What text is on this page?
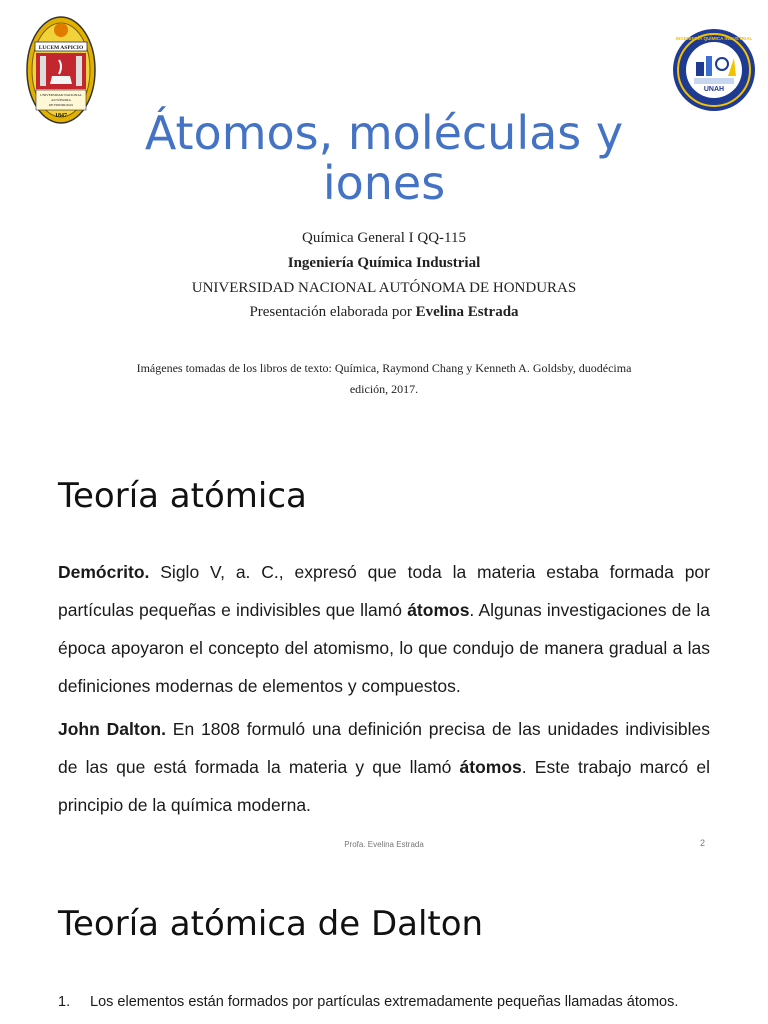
LUCEM ASPICIO
UNIVERSIDAD NACIONAL
AUTÓNOMA
DE HONDURAS
1847
UNAH
INGENIERÍA QUÍMICA INDUSTRIAL
Átomos, moléculas y
iones
Química General I QQ-115
Ingeniería Química Industrial
UNIVERSIDAD NACIONAL AUTÓNOMA DE HONDURAS
Presentación elaborada por Evelina Estrada
Imágenes tomadas de los libros de texto: Química, Raymond Chang y Kenneth A. Goldsby, duodécima
edición, 2017.
Teoría atómica

Demócrito. Siglo V, a. C., expresó que toda la materia estaba formada por partículas pequeñas e indivisibles que llamó átomos. Algunas investigaciones de la época apoyaron el concepto del atomismo, lo que condujo de manera gradual a las definiciones modernas de elementos y compuestos.

John Dalton. En 1808 formuló una definición precisa de las unidades indivisibles de las que está formada la materia y que llamó átomos. Este trabajo marcó el principio de la química moderna.

Profa. Evelina Estrada	2
Teoría atómica de Dalton
1. Los elementos están formados por partículas extremadamente pequeñas llamadas átomos.
